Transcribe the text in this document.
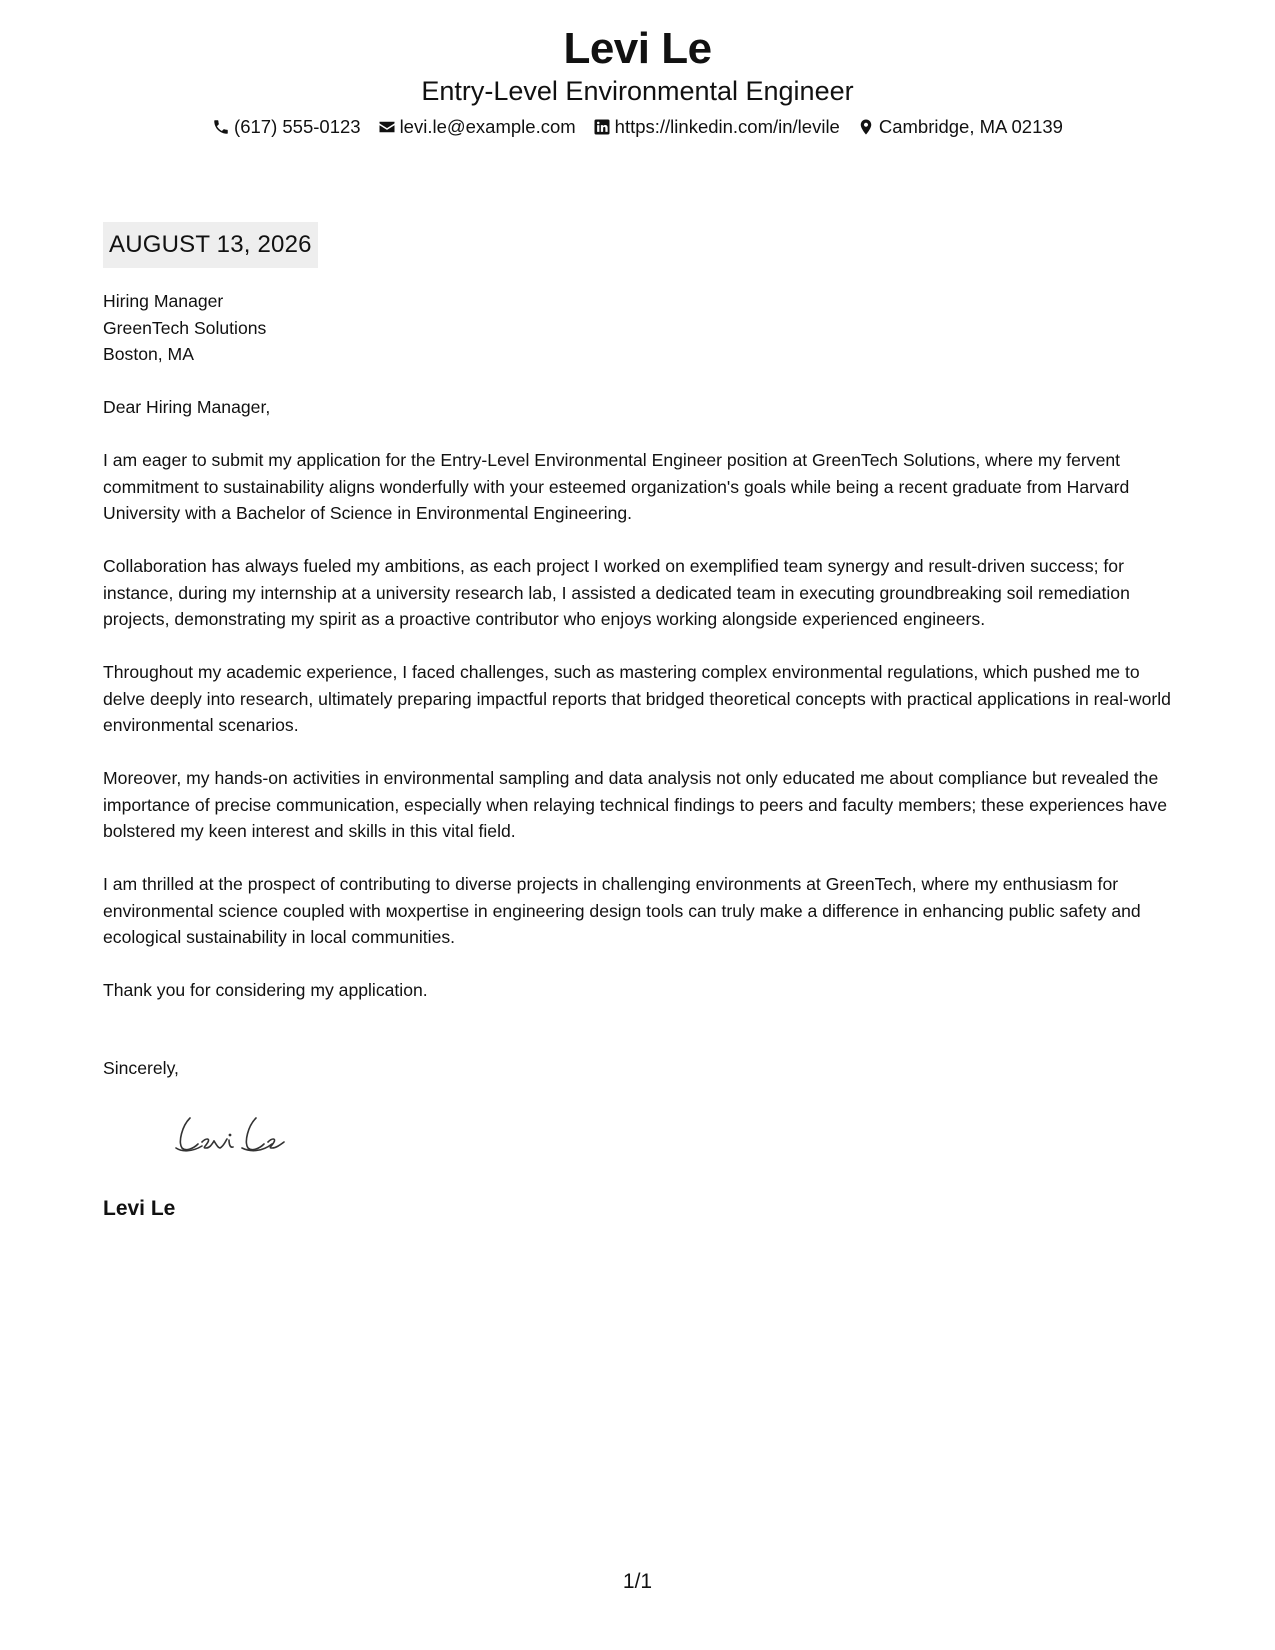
Levi Le
Entry-Level Environmental Engineer
(617) 555-0123 levi.le@example.com https://linkedin.com/in/levile Cambridge, MA 02139
AUGUST 13, 2026
Hiring Manager
GreenTech Solutions
Boston, MA

Dear Hiring Manager,

I am eager to submit my application for the Entry-Level Environmental Engineer position at GreenTech Solutions, where my fervent commitment to sustainability aligns wonderfully with your esteemed organization's goals while being a recent graduate from Harvard University with a Bachelor of Science in Environmental Engineering.

Collaboration has always fueled my ambitions, as each project I worked on exemplified team synergy and result-driven success; for instance, during my internship at a university research lab, I assisted a dedicated team in executing groundbreaking soil remediation projects, demonstrating my spirit as a proactive contributor who enjoys working alongside experienced engineers.

Throughout my academic experience, I faced challenges, such as mastering complex environmental regulations, which pushed me to delve deeply into research, ultimately preparing impactful reports that bridged theoretical concepts with practical applications in real-world environmental scenarios.

Moreover, my hands-on activities in environmental sampling and data analysis not only educated me about compliance but revealed the importance of precise communication, especially when relaying technical findings to peers and faculty members; these experiences have bolstered my keen interest and skills in this vital field.

I am thrilled at the prospect of contributing to diverse projects in challenging environments at GreenTech, where my enthusiasm for environmental science coupled with мoxpertise in engineering design tools can truly make a difference in enhancing public safety and ecological sustainability in local communities.

Thank you for considering my application.

Sincerely,
Levi Le
1/1
